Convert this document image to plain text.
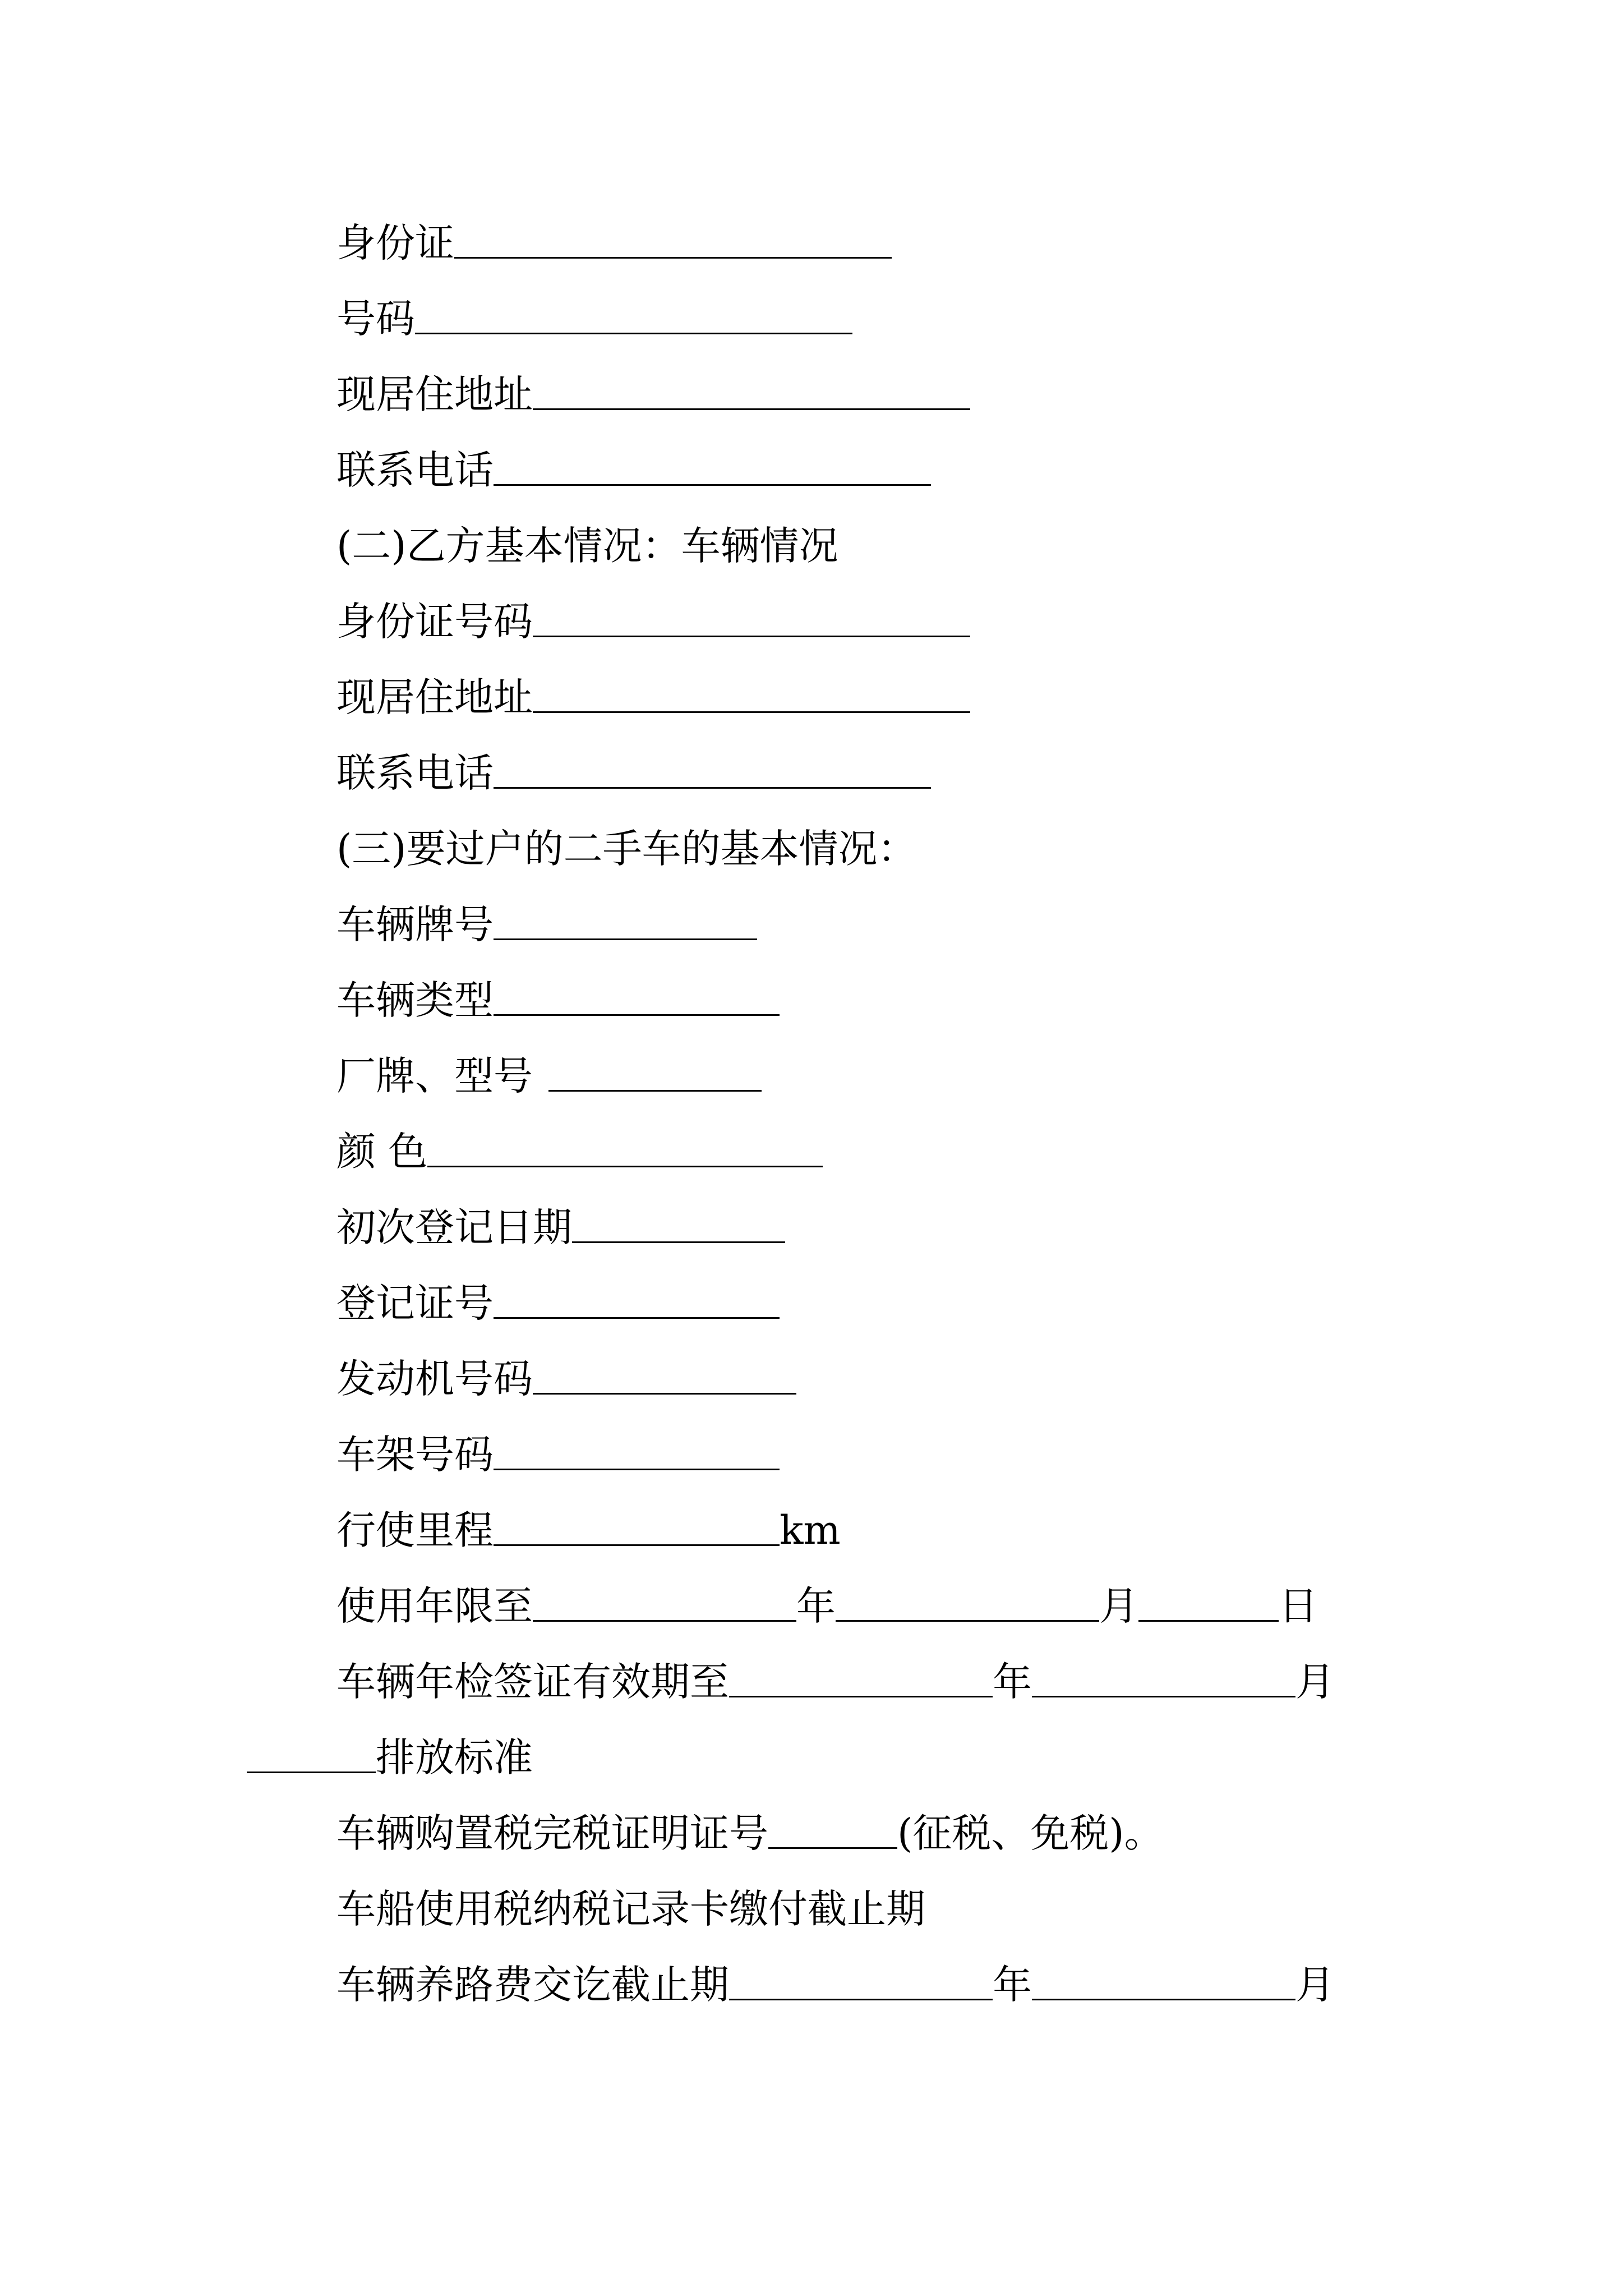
身份证
号码
现居住地址
联系电话
(二)乙方基本情况：车辆情况
身份证号码
现居住地址
联系电话
(三)要过户的二手车的基本情况：
车辆牌号
车辆类型
厂牌、型号
颜 色
初次登记日期
登记证号
发动机号码
车架号码
行使里程	km
使用年限至	年	月	日
车辆年检签证有效期至	年	月
排放标准
车辆购置税完税证明证号	(征税、免税)。
车船使用税纳税记录卡缴付截止期
车辆养路费交讫截止期	年	月
